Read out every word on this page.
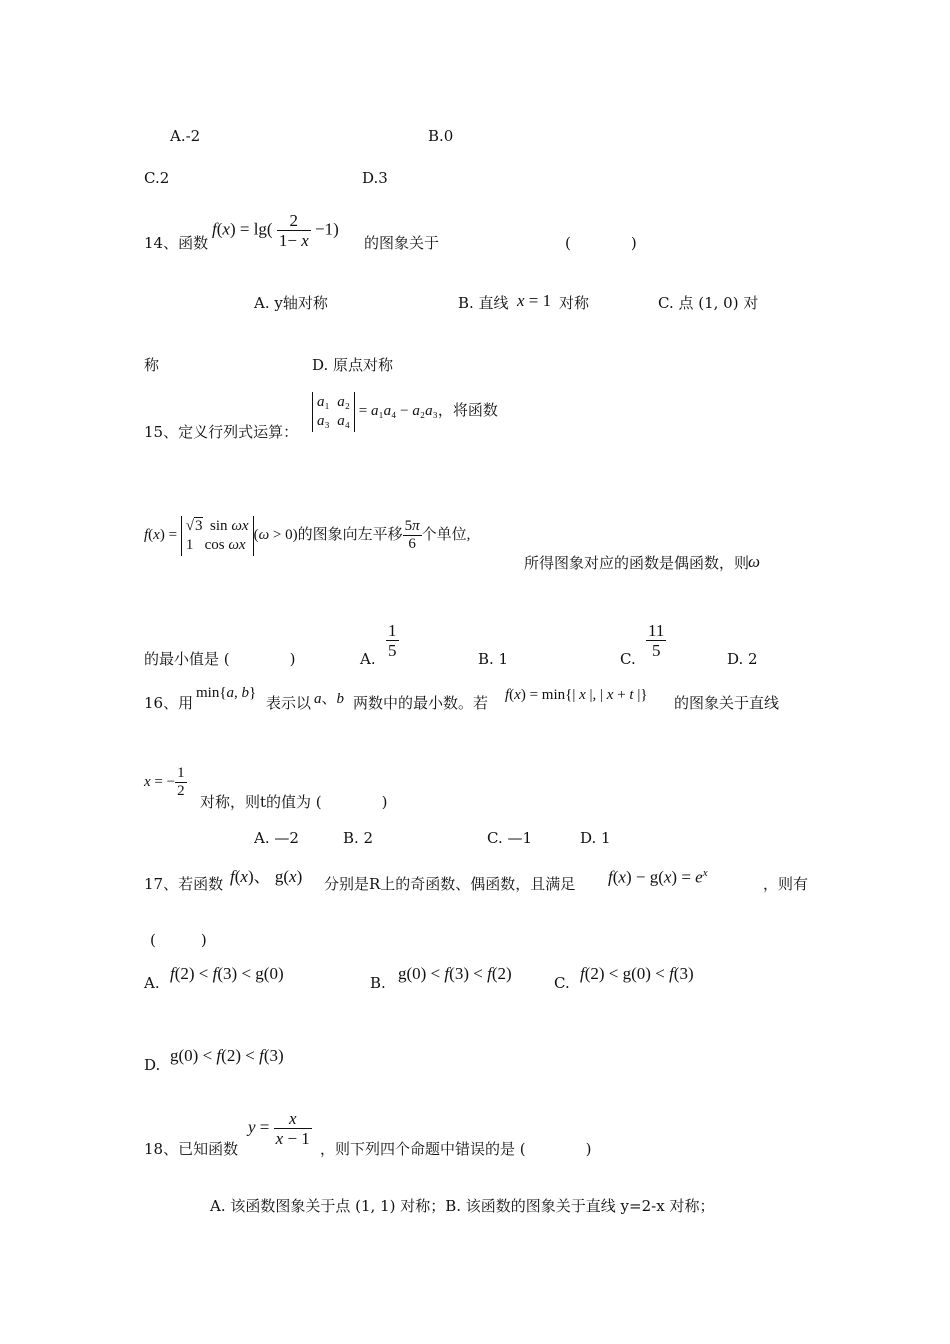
A.-2	B.0
C.2	D.3
14、函数
$f(x) = \lg( \frac{2}{1- x} -1)$
的图象关于	(　　　　)
A. y轴对称	B. 直线 x = 1 对称	C. 点 (1, 0) 对
称	D. 原点对称
15、定义行列式运算：
a₁  a₂
a₃  a₄
= a₁a₄ − a₂a₃，将函数
f(x) =
√3  sin ωx
1   cos ωx
(ω > 0)的图象向左平移 $\frac{5\pi}{6}$ 个单位,
所得图象对应的函数是偶函数，则
ω
的最小值是 (　　　　)	A. $\frac{1}{5}$	B. 1	C. $\frac{11}{5}$	D. 2
16、用
min{a, b}
表示以 a、b 两数中的最小数。若 f(x) = min{| x |, | x + t |} 的图象关于直线
x = − $\frac{1}{2}$
对称，则t的值为 (　　　　)
A. —2	B. 2	C. —1	D. 1
17、若函数 f(x)、 g(x) 分别是R上的奇函数、偶函数，且满足 $f(x) - g(x) = e^x$
，则有
(　　　)
A. f(2) < f(3) < g(0)	B. g(0) < f(3) < f(2)	C. f(2) < g(0) < f(3)
D. g(0) < f(2) < f(3)
18、已知函数
$y = \frac{x}{x - 1}$
，则下列四个命题中错误的是 (　　　　)
A. 该函数图象关于点 (1, 1) 对称；B. 该函数的图象关于直线 y=2-x 对称；
